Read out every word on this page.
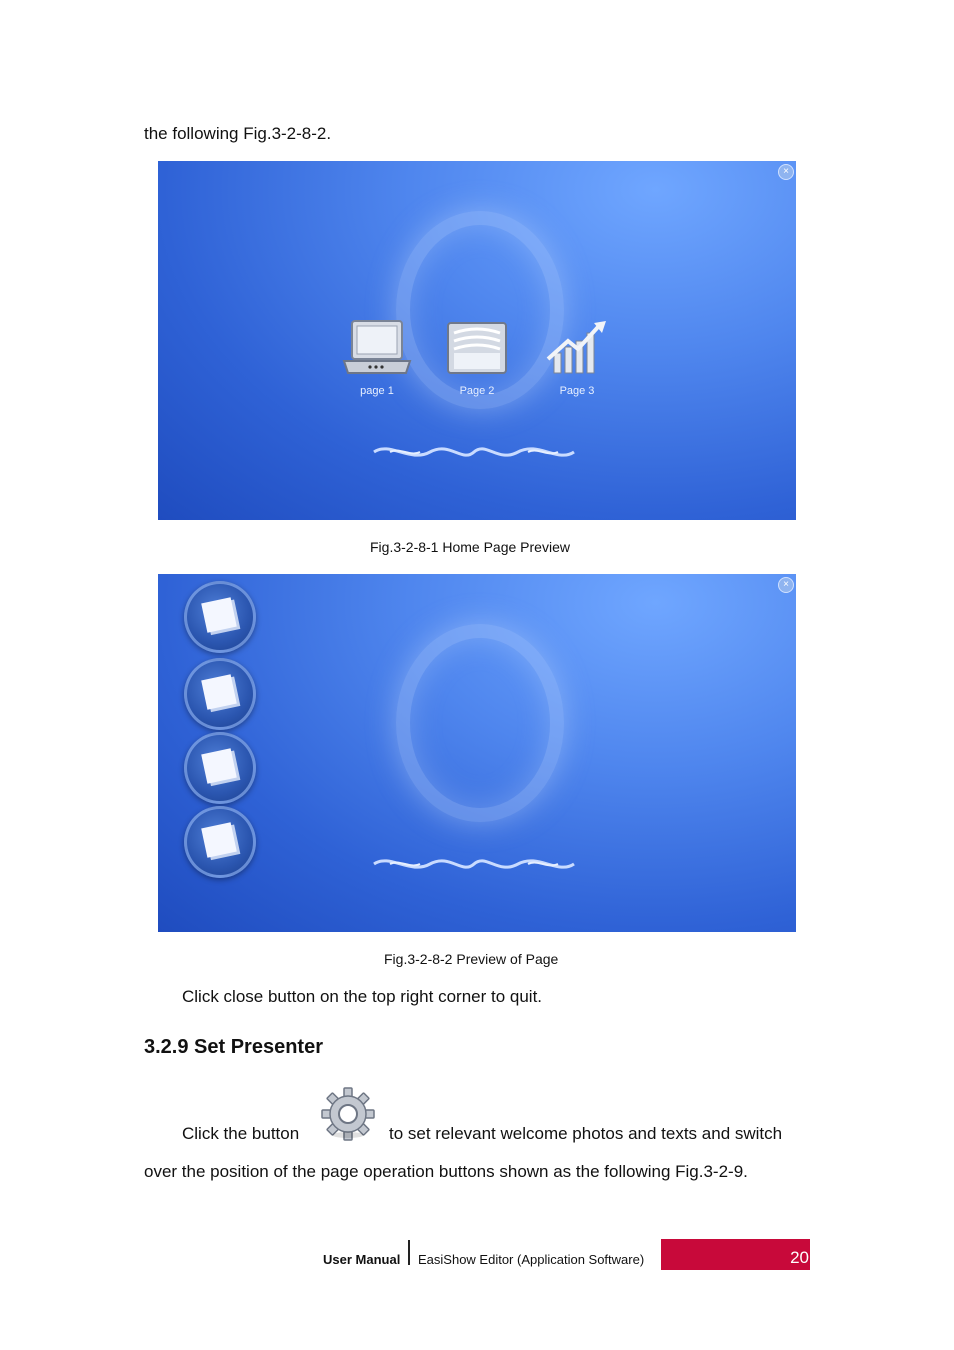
the following Fig.3-2-8-2.
×
page 1	Page 2	Page 3
Fig.3-2-8-1 Home Page Preview
×
Fig.3-2-8-2 Preview of Page
Click close button on the top right corner to quit.
3.2.9 Set Presenter
Click the button	to set relevant welcome photos and texts and switch
over the position of the page operation buttons shown as the following Fig.3-2-9.
User Manual EasiShow Editor (Application Software)	20
